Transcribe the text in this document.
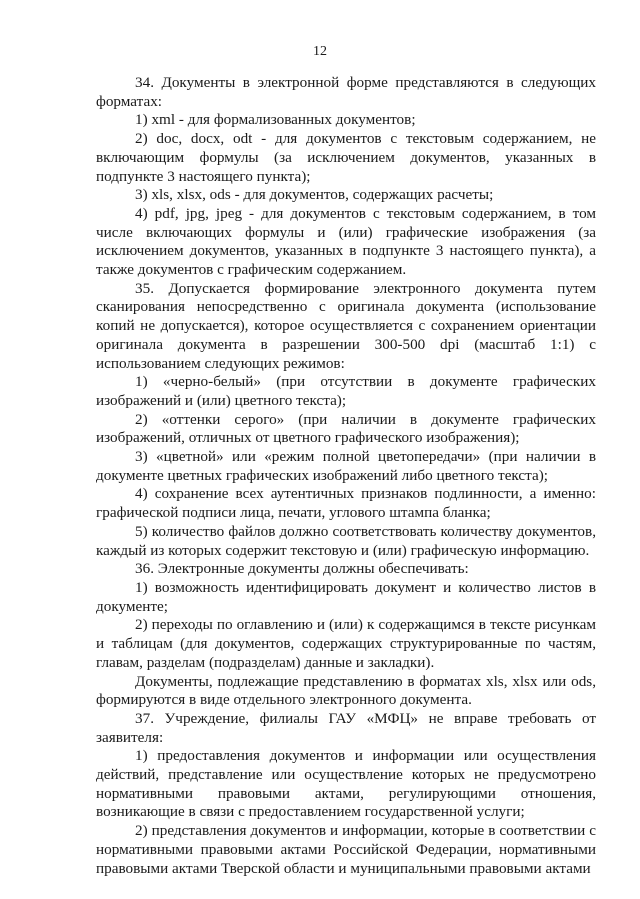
12

34. Документы в электронной форме представляются в следующих форматах:

1) xml - для формализованных документов;

2) doc, docx, odt - для документов с текстовым содержанием, не включающим формулы (за исключением документов, указанных в подпункте 3 настоящего пункта);

3) xls, xlsx, ods - для документов, содержащих расчеты;

4) pdf, jpg, jpeg - для документов с текстовым содержанием, в том числе включающих формулы и (или) графические изображения (за исключением документов, указанных в подпункте 3 настоящего пункта), а также документов с графическим содержанием.

35. Допускается формирование электронного документа путем сканирования непосредственно с оригинала документа (использование копий не допускается), которое осуществляется с сохранением ориентации оригинала документа в разрешении 300-500 dpi (масштаб 1:1) с использованием следующих режимов:

1) «черно-белый» (при отсутствии в документе графических изображений и (или) цветного текста);

2) «оттенки серого» (при наличии в документе графических изображений, отличных от цветного графического изображения);

3) «цветной» или «режим полной цветопередачи» (при наличии в документе цветных графических изображений либо цветного текста);

4) сохранение всех аутентичных признаков подлинности, а именно: графической подписи лица, печати, углового штампа бланка;

5) количество файлов должно соответствовать количеству документов, каждый из которых содержит текстовую и (или) графическую информацию.

36. Электронные документы должны обеспечивать:

1) возможность идентифицировать документ и количество листов в документе;

2) переходы по оглавлению и (или) к содержащимся в тексте рисункам и таблицам (для документов, содержащих структурированные по частям, главам, разделам (подразделам) данные и закладки).

Документы, подлежащие представлению в форматах xls, xlsx или ods, формируются в виде отдельного электронного документа.

37. Учреждение, филиалы ГАУ «МФЦ» не вправе требовать от заявителя:

1) предоставления документов и информации или осуществления действий, представление или осуществление которых не предусмотрено нормативными правовыми актами, регулирующими отношения, возникающие в связи с предоставлением государственной услуги;

2) представления документов и информации, которые в соответствии с нормативными правовыми актами Российской Федерации, нормативными правовыми актами Тверской области и муниципальными правовыми актами
